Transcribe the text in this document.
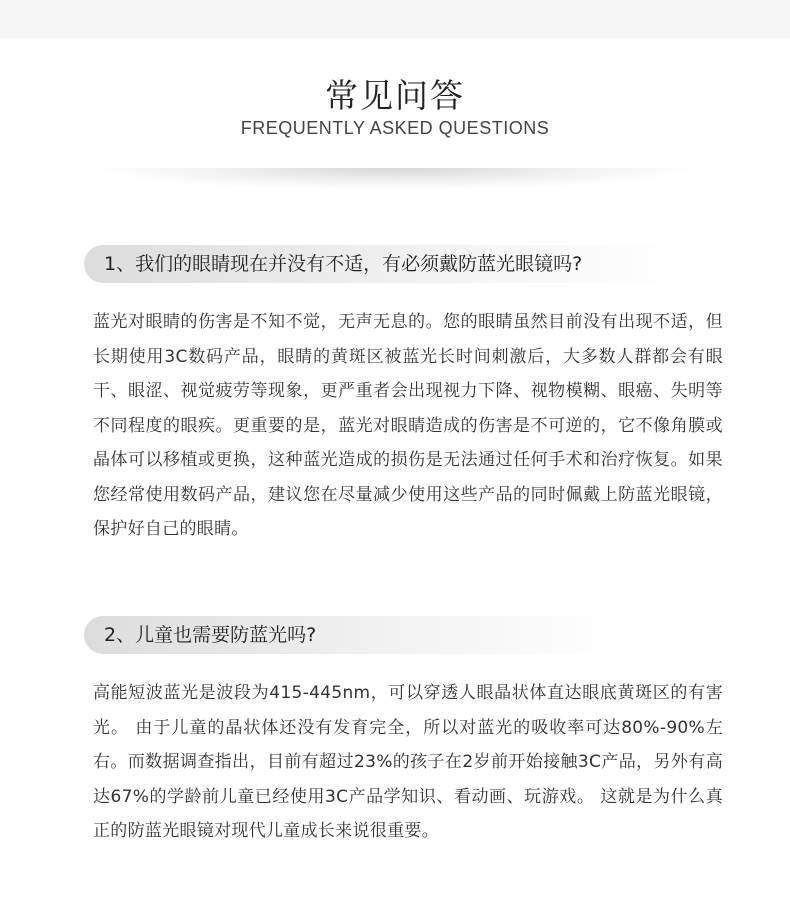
常见问答
FREQUENTLY ASKED QUESTIONS
1、我们的眼睛现在并没有不适，有必须戴防蓝光眼镜吗?

蓝光对眼睛的伤害是不知不觉，无声无息的。您的眼睛虽然目前没有出现不适，但长期使用3C数码产品，眼睛的黄斑区被蓝光长时间刺激后，大多数人群都会有眼干、眼涩、视觉疲劳等现象，更严重者会出现视力下降、视物模糊、眼癌、失明等不同程度的眼疾。更重要的是，蓝光对眼睛造成的伤害是不可逆的，它不像角膜或晶体可以移植或更换，这种蓝光造成的损伤是无法通过任何手术和治疗恢复。如果您经常使用数码产品，建议您在尽量减少使用这些产品的同时佩戴上防蓝光眼镜，保护好自己的眼睛。

2、儿童也需要防蓝光吗?

高能短波蓝光是波段为415-445nm，可以穿透人眼晶状体直达眼底黄斑区的有害光。 由于儿童的晶状体还没有发育完全，所以对蓝光的吸收率可达80%-90%左右。而数据调查指出，目前有超过23%的孩子在2岁前开始接触3C产品，另外有高达67%的学龄前儿童已经使用3C产品学知识、看动画、玩游戏。 这就是为什么真正的防蓝光眼镜对现代儿童成长来说很重要。
